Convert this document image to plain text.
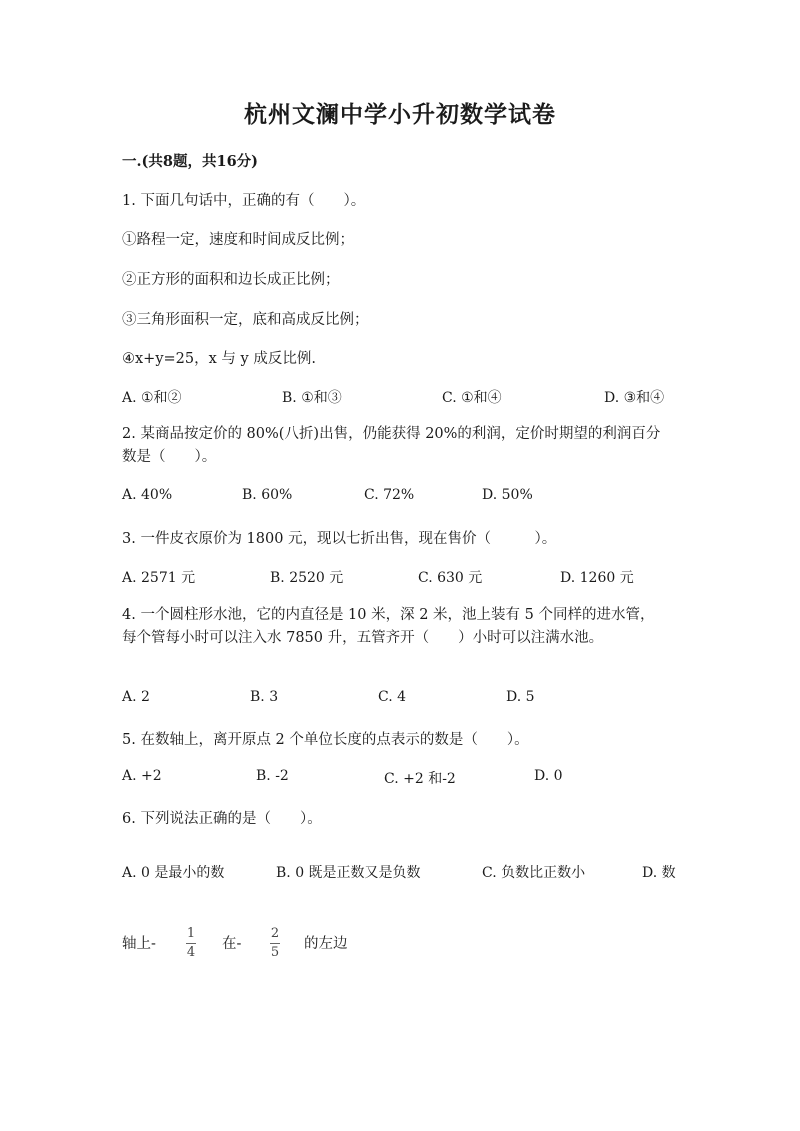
杭州文澜中学小升初数学试卷
一.(共8题，共16分)
1. 下面几句话中，正确的有（　　）。
①路程一定，速度和时间成反比例；
②正方形的面积和边长成正比例；
③三角形面积一定，底和高成反比例；
④x+y=25，x 与 y 成反比例.
A. ①和②	B. ①和③	C. ①和④	D. ③和④
2. 某商品按定价的 80%(八折)出售，仍能获得 20%的利润，定价时期望的利润百分数是（　　）。
A. 40%	B. 60%	C. 72%	D. 50%
3. 一件皮衣原价为 1800 元，现以七折出售，现在售价（　　　）。
A. 2571 元	B. 2520 元	C. 630 元	D. 1260 元
4. 一个圆柱形水池，它的内直径是 10 米，深 2 米，池上装有 5 个同样的进水管，每个管每小时可以注入水 7850 升，五管齐开（　　）小时可以注满水池。
A. 2	B. 3	C. 4	D. 5
5. 在数轴上，离开原点 2 个单位长度的点表示的数是（　　）。
A. +2	B. -2	C. +2 和-2	D. 0
6. 下列说法正确的是（　　）。
A. 0 是最小的数	B. 0 既是正数又是负数	C. 负数比正数小	D. 数
轴上-
1
4
在-
2
5
的左边
